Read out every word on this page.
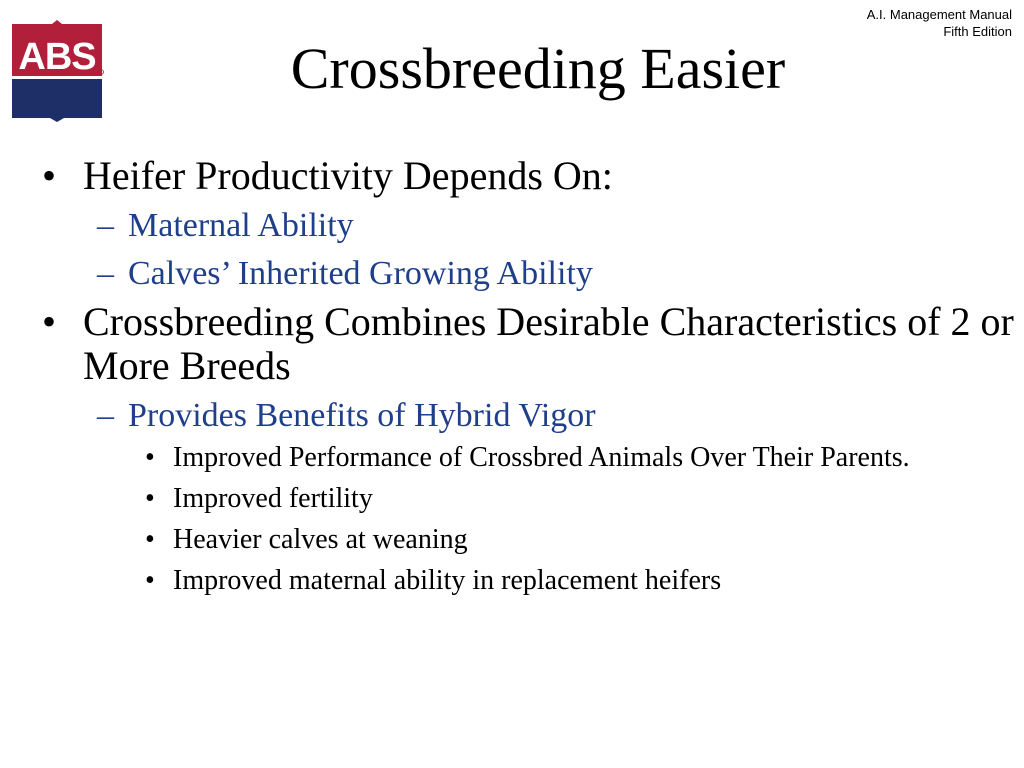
ABS
A.I. Management Manual
Fifth Edition
Crossbreeding Easier
• Heifer Productivity Depends On:
– Maternal Ability
– Calves’ Inherited Growing Ability
• Crossbreeding Combines Desirable Characteristics of 2 or More Breeds
– Provides Benefits of Hybrid Vigor
• Improved Performance of Crossbred Animals Over Their Parents.
• Improved fertility
• Heavier calves at weaning
• Improved maternal ability in replacement heifers
